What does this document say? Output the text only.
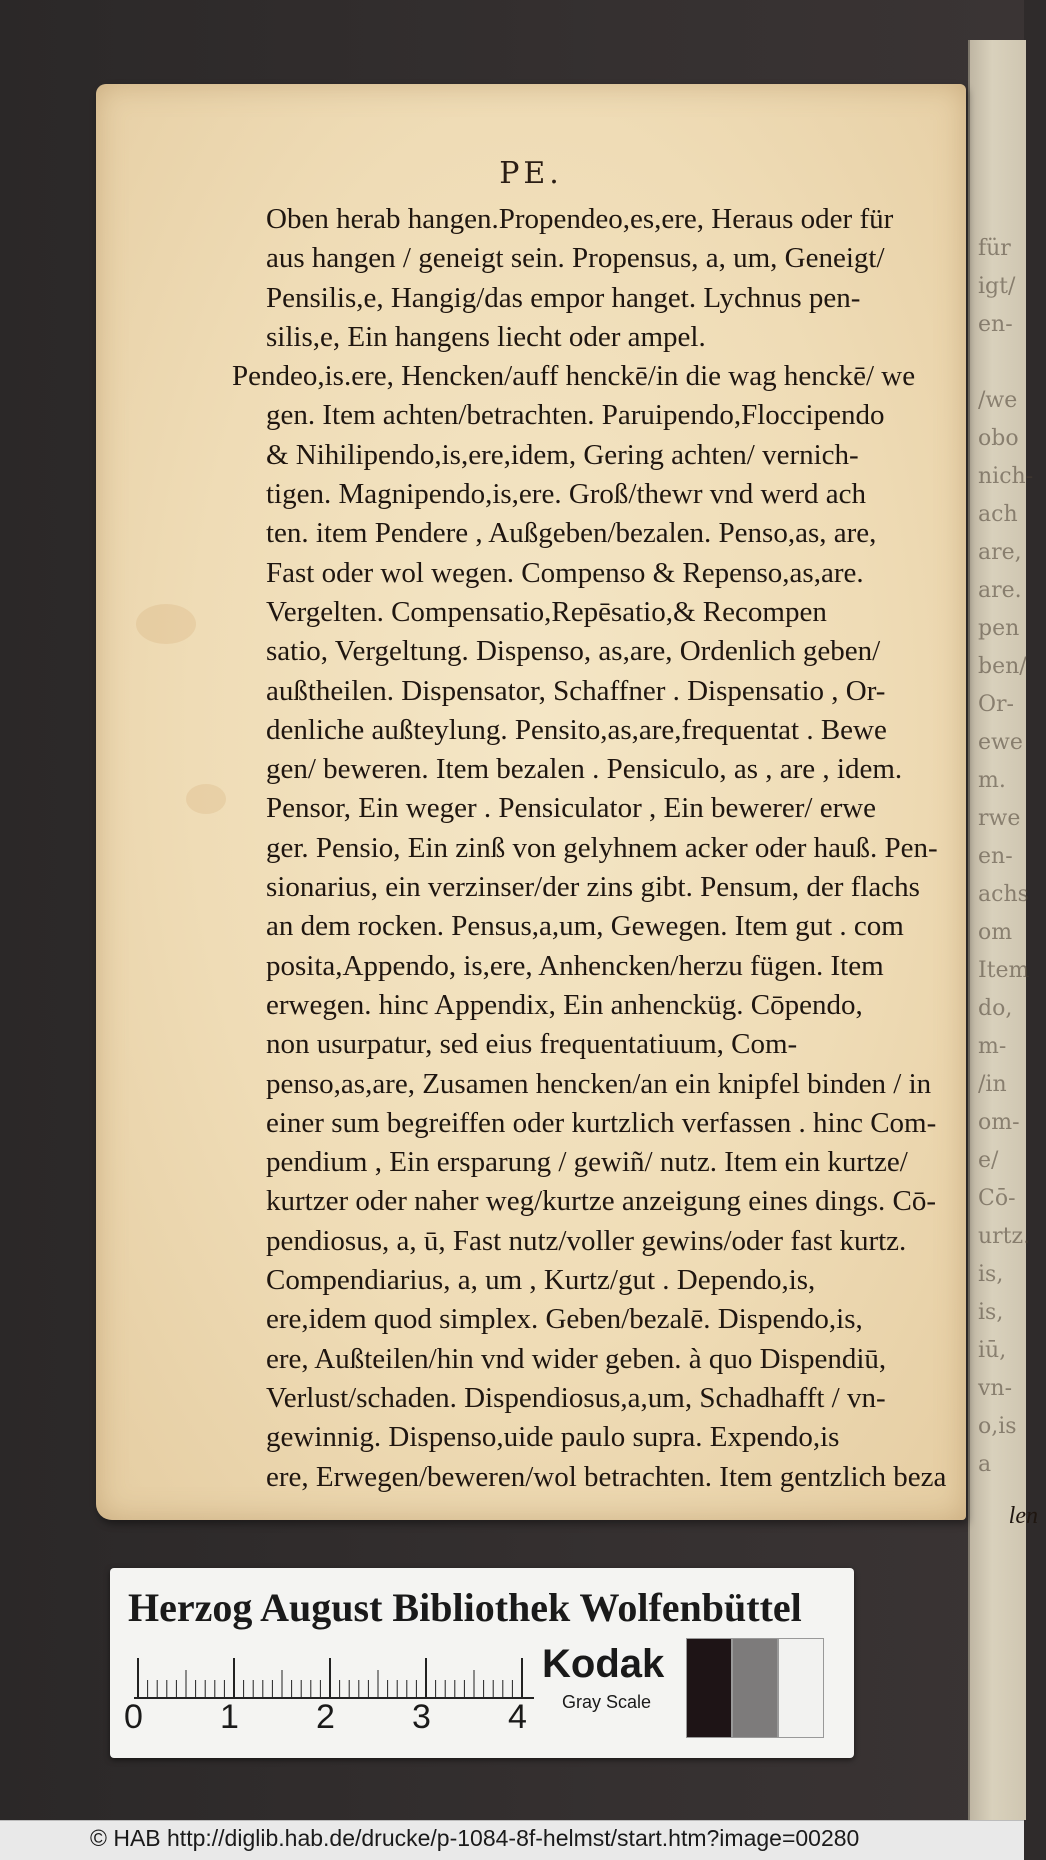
für
igt/
en-

/we
obo
nich-
ach
are,
are.
pen
ben/
Or-
ewe
m.
rwe
en-
achs
om
Item
do,
m-
/in
om-
e/
Cō-
urtz.
is,
is,
iū,
vn-
o,is
a
PE.
Oben herab hangen.Propendeo,es,ere, Heraus oder für
aus hangen / geneigt sein. Propensus, a, um, Geneigt/
Pensilis,e, Hangig/das empor hanget. Lychnus pen-
silis,e, Ein hangens liecht oder ampel.
Pendeo,is.ere, Hencken/auff henckē/in die wag henckē/ we
gen. Item achten/betrachten. Paruipendo,Floccipendo
& Nihilipendo,is,ere,idem, Gering achten/ vernich-
tigen. Magnipendo,is,ere. Groß/thewr vnd werd ach
ten. item Pendere , Außgeben/bezalen. Penso,as, are,
Fast oder wol wegen. Compenso & Repenso,as,are.
Vergelten. Compensatio,Repēsatio,& Recompen
satio, Vergeltung. Dispenso, as,are, Ordenlich geben/
außtheilen. Dispensator, Schaffner . Dispensatio , Or-
denliche außteylung. Pensito,as,are,frequentat . Bewe
gen/ beweren. Item bezalen . Pensiculo, as , are , idem.
Pensor, Ein weger . Pensiculator , Ein bewerer/ erwe
ger. Pensio, Ein zinß von gelyhnem acker oder hauß. Pen-
sionarius, ein verzinser/der zins gibt. Pensum, der flachs
an dem rocken. Pensus,a,um, Gewegen. Item gut . com
posita,Appendo, is,ere, Anhencken/herzu fügen. Item
erwegen. hinc Appendix, Ein anhencküg. Cōpendo,
non usurpatur, sed eius frequentatiuum, Com-
penso,as,are, Zusamen hencken/an ein knipfel binden / in
einer sum begreiffen oder kurtzlich verfassen . hinc Com-
pendium , Ein ersparung / gewiñ/ nutz. Item ein kurtze/
kurtzer oder naher weg/kurtze anzeigung eines dings. Cō-
pendiosus, a, ū, Fast nutz/voller gewins/oder fast kurtz.
Compendiarius, a, um , Kurtz/gut . Dependo,is,
ere,idem quod simplex. Geben/bezalē. Dispendo,is,
ere, Außteilen/hin vnd wider geben. à quo Dispendiū,
Verlust/schaden. Dispendiosus,a,um, Schadhafft / vn-
gewinnig. Dispenso,uide paulo supra. Expendo,is
ere, Erwegen/beweren/wol betrachten. Item gentzlich beza
len
Herzog August Bibliothek Wolfenbüttel
0 1 2 3 4
Kodak
Gray Scale
© HAB http://diglib.hab.de/drucke/p-1084-8f-helmst/start.htm?image=00280
